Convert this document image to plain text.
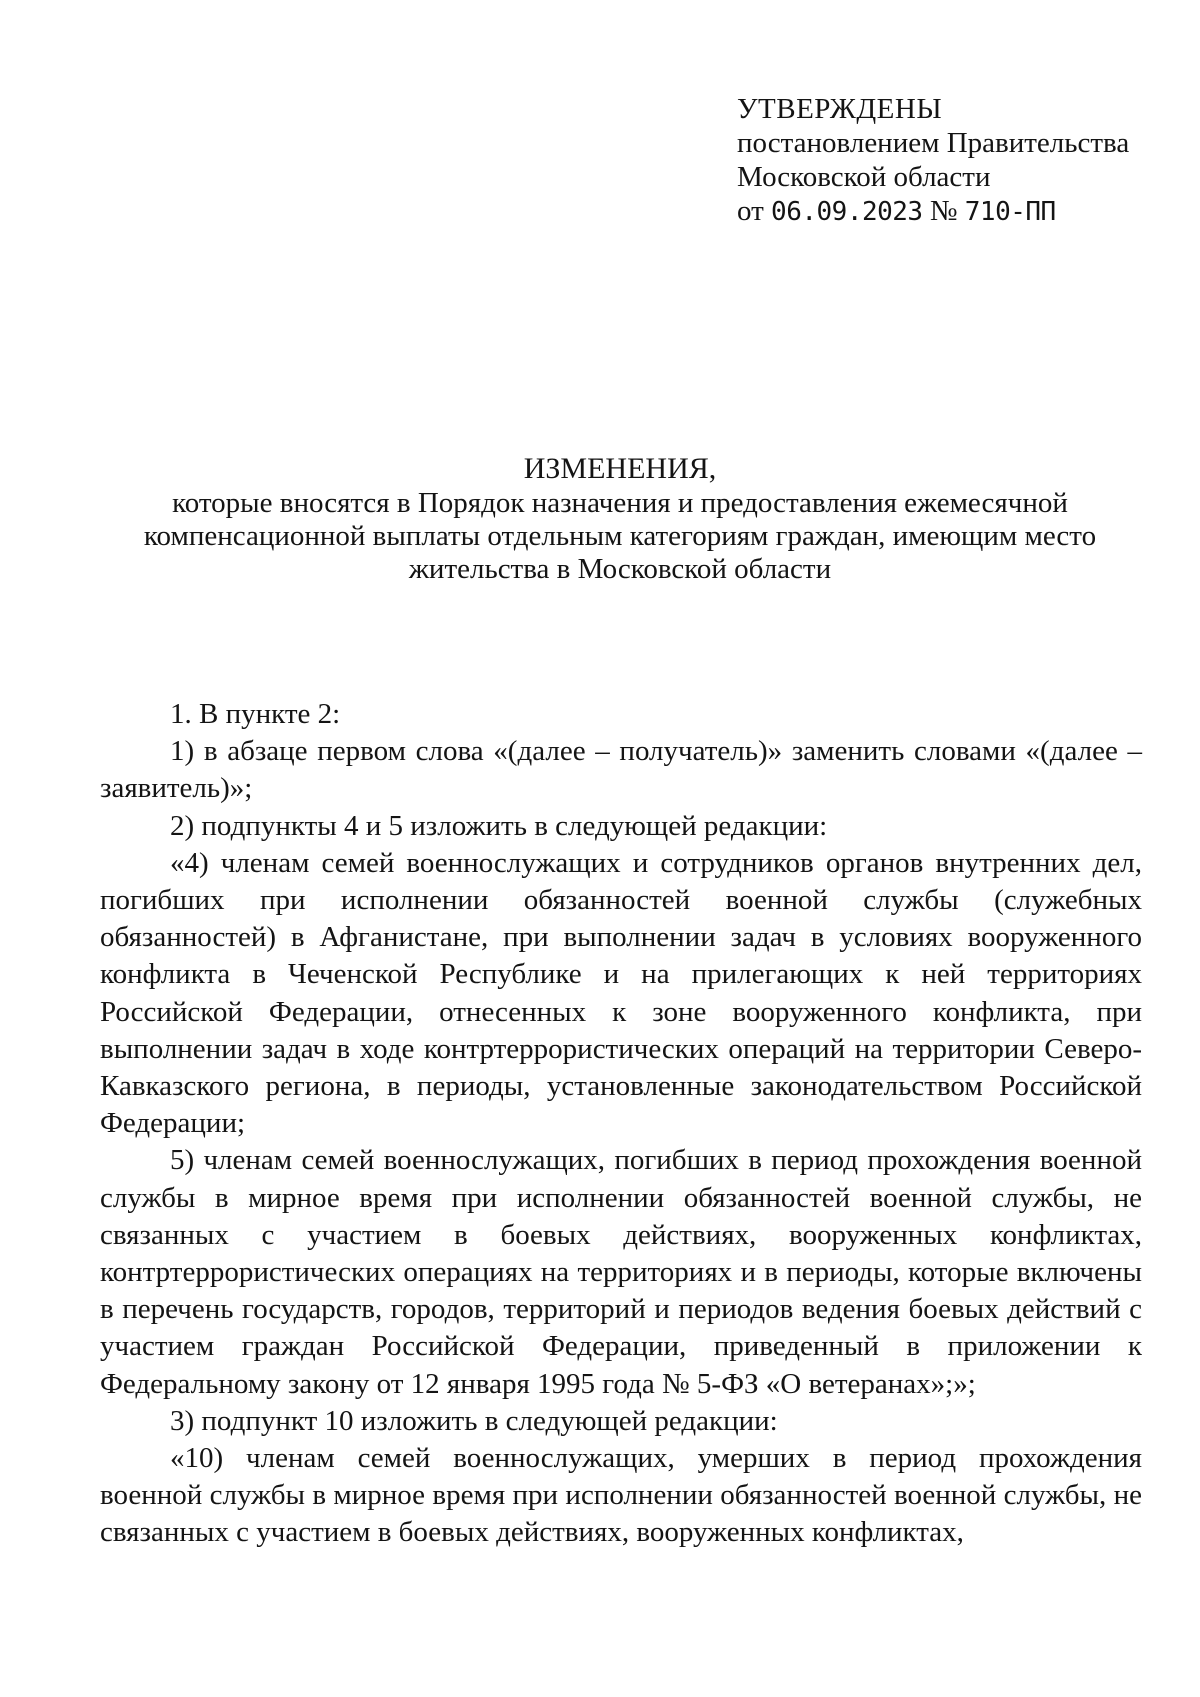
УТВЕРЖДЕНЫ
постановлением Правительства
Московской области
от 06.09.2023 № 710-ПП
ИЗМЕНЕНИЯ,
которые вносятся в Порядок назначения и предоставления ежемесячной компенсационной выплаты отдельным категориям граждан, имеющим место жительства в Московской области

1. В пункте 2:

1) в абзаце первом слова «(далее – получатель)» заменить словами «(далее – заявитель)»;

2) подпункты 4 и 5 изложить в следующей редакции:

«4) членам семей военнослужащих и сотрудников органов внутренних дел, погибших при исполнении обязанностей военной службы (служебных обязанностей) в Афганистане, при выполнении задач в условиях вооруженного конфликта в Чеченской Республике и на прилегающих к ней территориях Российской Федерации, отнесенных к зоне вооруженного конфликта, при выполнении задач в ходе контртеррористических операций на территории Северо-Кавказского региона, в периоды, установленные законодательством Российской Федерации;

5) членам семей военнослужащих, погибших в период прохождения военной службы в мирное время при исполнении обязанностей военной службы, не связанных с участием в боевых действиях, вооруженных конфликтах, контртеррористических операциях на территориях и в периоды, которые включены в перечень государств, городов, территорий и периодов ведения боевых действий с участием граждан Российской Федерации, приведенный в приложении к Федеральному закону от 12 января 1995 года № 5-ФЗ «О ветеранах»;»;

3) подпункт 10 изложить в следующей редакции:

«10) членам семей военнослужащих, умерших в период прохождения военной службы в мирное время при исполнении обязанностей военной службы, не связанных с участием в боевых действиях, вооруженных конфликтах,
